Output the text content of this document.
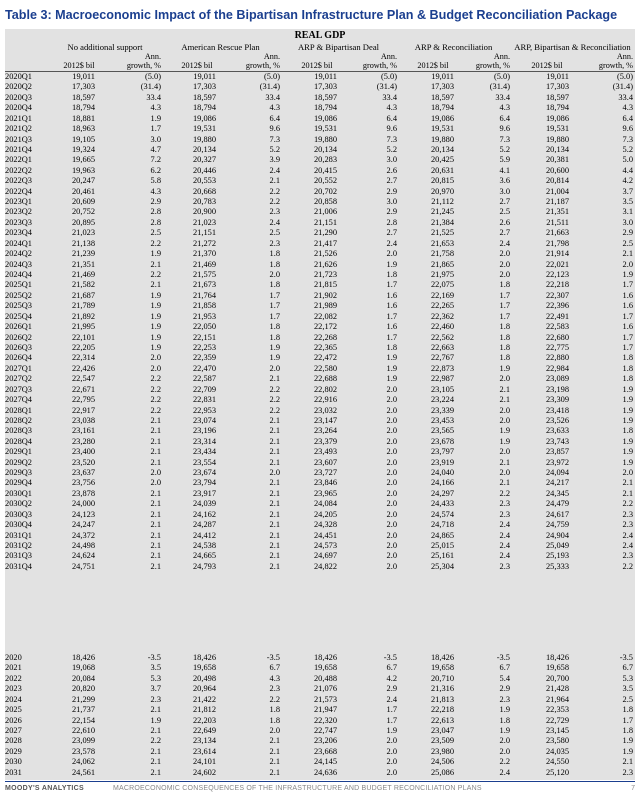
Table 3: Macroeconomic Impact of the Bipartisan Infrastructure Plan & Budget Reconciliation Package
REAL GDP
No additional support	American Rescue Plan	ARP & Bipartisan Deal	ARP & Reconciliation	ARP, Bipartisan & Reconciliation
Ann.	Ann.	Ann.	Ann.	Ann.
2012$ bil	growth, %	2012$ bil	growth, %	2012$ bil	growth, %	2012$ bil	growth, %	2012$ bil	growth, %
2020Q1	19,011	(5.0)	19,011	(5.0)	19,011	(5.0)	19,011	(5.0)	19,011	(5.0)
2020Q2	17,303	(31.4)	17,303	(31.4)	17,303	(31.4)	17,303	(31.4)	17,303	(31.4)
2020Q3	18,597	33.4	18,597	33.4	18,597	33.4	18,597	33.4	18,597	33.4
2020Q4	18,794	4.3	18,794	4.3	18,794	4.3	18,794	4.3	18,794	4.3
2021Q1	18,881	1.9	19,086	6.4	19,086	6.4	19,086	6.4	19,086	6.4
2021Q2	18,963	1.7	19,531	9.6	19,531	9.6	19,531	9.6	19,531	9.6
2021Q3	19,105	3.0	19,880	7.3	19,880	7.3	19,880	7.3	19,880	7.3
2021Q4	19,324	4.7	20,134	5.2	20,134	5.2	20,134	5.2	20,134	5.2
2022Q1	19,665	7.2	20,327	3.9	20,283	3.0	20,425	5.9	20,381	5.0
2022Q2	19,963	6.2	20,446	2.4	20,415	2.6	20,631	4.1	20,600	4.4
2022Q3	20,247	5.8	20,553	2.1	20,552	2.7	20,815	3.6	20,814	4.2
2022Q4	20,461	4.3	20,668	2.2	20,702	2.9	20,970	3.0	21,004	3.7
2023Q1	20,609	2.9	20,783	2.2	20,858	3.0	21,112	2.7	21,187	3.5
2023Q2	20,752	2.8	20,900	2.3	21,006	2.9	21,245	2.5	21,351	3.1
2023Q3	20,895	2.8	21,023	2.4	21,151	2.8	21,384	2.6	21,511	3.0
2023Q4	21,023	2.5	21,151	2.5	21,290	2.7	21,525	2.7	21,663	2.9
2024Q1	21,138	2.2	21,272	2.3	21,417	2.4	21,653	2.4	21,798	2.5
2024Q2	21,239	1.9	21,370	1.8	21,526	2.0	21,758	2.0	21,914	2.1
2024Q3	21,351	2.1	21,469	1.8	21,626	1.9	21,865	2.0	22,021	2.0
2024Q4	21,469	2.2	21,575	2.0	21,723	1.8	21,975	2.0	22,123	1.9
2025Q1	21,582	2.1	21,673	1.8	21,815	1.7	22,075	1.8	22,218	1.7
2025Q2	21,687	1.9	21,764	1.7	21,902	1.6	22,169	1.7	22,307	1.6
2025Q3	21,789	1.9	21,858	1.7	21,989	1.6	22,265	1.7	22,396	1.6
2025Q4	21,892	1.9	21,953	1.7	22,082	1.7	22,362	1.7	22,491	1.7
2026Q1	21,995	1.9	22,050	1.8	22,172	1.6	22,460	1.8	22,583	1.6
2026Q2	22,101	1.9	22,151	1.8	22,268	1.7	22,562	1.8	22,680	1.7
2026Q3	22,205	1.9	22,253	1.9	22,365	1.8	22,663	1.8	22,775	1.7
2026Q4	22,314	2.0	22,359	1.9	22,472	1.9	22,767	1.8	22,880	1.8
2027Q1	22,426	2.0	22,470	2.0	22,580	1.9	22,873	1.9	22,984	1.8
2027Q2	22,547	2.2	22,587	2.1	22,688	1.9	22,987	2.0	23,089	1.8
2027Q3	22,671	2.2	22,709	2.2	22,802	2.0	23,105	2.1	23,198	1.9
2027Q4	22,795	2.2	22,831	2.2	22,916	2.0	23,224	2.1	23,309	1.9
2028Q1	22,917	2.2	22,953	2.2	23,032	2.0	23,339	2.0	23,418	1.9
2028Q2	23,038	2.1	23,074	2.1	23,147	2.0	23,453	2.0	23,526	1.9
2028Q3	23,161	2.1	23,196	2.1	23,264	2.0	23,565	1.9	23,633	1.8
2028Q4	23,280	2.1	23,314	2.1	23,379	2.0	23,678	1.9	23,743	1.9
2029Q1	23,400	2.1	23,434	2.1	23,493	2.0	23,797	2.0	23,857	1.9
2029Q2	23,520	2.1	23,554	2.1	23,607	2.0	23,919	2.1	23,972	1.9
2029Q3	23,637	2.0	23,674	2.0	23,727	2.0	24,040	2.0	24,094	2.0
2029Q4	23,756	2.0	23,794	2.1	23,846	2.0	24,166	2.1	24,217	2.1
2030Q1	23,878	2.1	23,917	2.1	23,965	2.0	24,297	2.2	24,345	2.1
2030Q2	24,000	2.1	24,039	2.1	24,084	2.0	24,433	2.3	24,479	2.2
2030Q3	24,123	2.1	24,162	2.1	24,205	2.0	24,574	2.3	24,617	2.3
2030Q4	24,247	2.1	24,287	2.1	24,328	2.0	24,718	2.4	24,759	2.3
2031Q1	24,372	2.1	24,412	2.1	24,451	2.0	24,865	2.4	24,904	2.4
2031Q2	24,498	2.1	24,538	2.1	24,573	2.0	25,015	2.4	25,049	2.4
2031Q3	24,624	2.1	24,665	2.1	24,697	2.0	25,161	2.4	25,193	2.3
2031Q4	24,751	2.1	24,793	2.1	24,822	2.0	25,304	2.3	25,333	2.2
2020	18,426	-3.5	18,426	-3.5	18,426	-3.5	18,426	-3.5	18,426	-3.5
2021	19,068	3.5	19,658	6.7	19,658	6.7	19,658	6.7	19,658	6.7
2022	20,084	5.3	20,498	4.3	20,488	4.2	20,710	5.4	20,700	5.3
2023	20,820	3.7	20,964	2.3	21,076	2.9	21,316	2.9	21,428	3.5
2024	21,299	2.3	21,422	2.2	21,573	2.4	21,813	2.3	21,964	2.5
2025	21,737	2.1	21,812	1.8	21,947	1.7	22,218	1.9	22,353	1.8
2026	22,154	1.9	22,203	1.8	22,320	1.7	22,613	1.8	22,729	1.7
2027	22,610	2.1	22,649	2.0	22,747	1.9	23,047	1.9	23,145	1.8
2028	23,099	2.2	23,134	2.1	23,206	2.0	23,509	2.0	23,580	1.9
2029	23,578	2.1	23,614	2.1	23,668	2.0	23,980	2.0	24,035	1.9
2030	24,062	2.1	24,101	2.1	24,145	2.0	24,506	2.2	24,550	2.1
2031	24,561	2.1	24,602	2.1	24,636	2.0	25,086	2.4	25,120	2.3
MOODY'S ANALYTICS	MACROECONOMIC CONSEQUENCES OF THE INFRASTRUCTURE AND BUDGET RECONCILIATION PLANS	7
